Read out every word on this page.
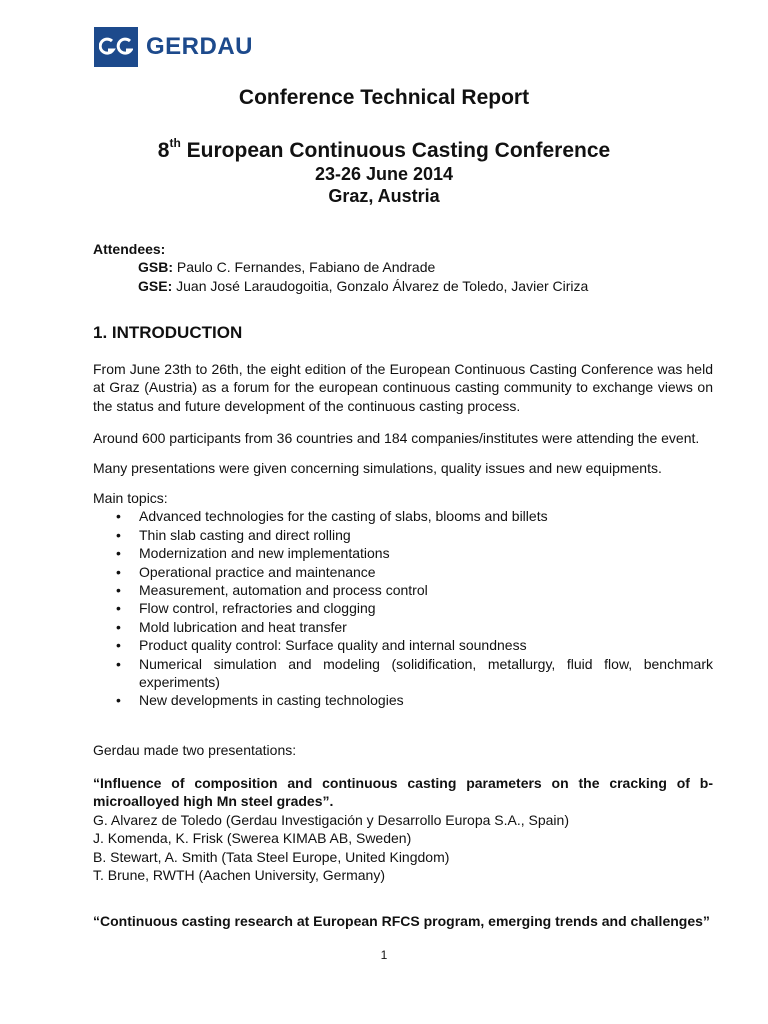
GERDAU
Conference Technical Report
8th European Continuous Casting Conference
23-26 June 2014
Graz, Austria
Attendees:
GSB: Paulo C. Fernandes, Fabiano de Andrade
GSE: Juan José Laraudogoitia, Gonzalo Álvarez de Toledo, Javier Ciriza
1. INTRODUCTION

From June 23th to 26th, the eight edition of the European Continuous Casting Conference was held at Graz (Austria) as a forum for the european continuous casting community to exchange views on the status and future development of the continuous casting process.

Around 600 participants from 36 countries and 184 companies/institutes were attending the event.

Many presentations were given concerning simulations, quality issues and new equipments.

Main topics:
• Advanced technologies for the casting of slabs, blooms and billets
• Thin slab casting and direct rolling
• Modernization and new implementations
• Operational practice and maintenance
• Measurement, automation and process control
• Flow control, refractories and clogging
• Mold lubrication and heat transfer
• Product quality control: Surface quality and internal soundness
• Numerical simulation and modeling (solidification, metallurgy, fluid flow, benchmark experiments)
• New developments in casting technologies
Gerdau made two presentations:
“Influence of composition and continuous casting parameters on the cracking of b-microalloyed high Mn steel grades”.
G. Alvarez de Toledo (Gerdau Investigación y Desarrollo Europa S.A., Spain)
J. Komenda, K. Frisk (Swerea KIMAB AB, Sweden)
B. Stewart, A. Smith (Tata Steel Europe, United Kingdom)
T. Brune, RWTH (Aachen University, Germany)
“Continuous casting research at European RFCS program, emerging trends and challenges”
1
